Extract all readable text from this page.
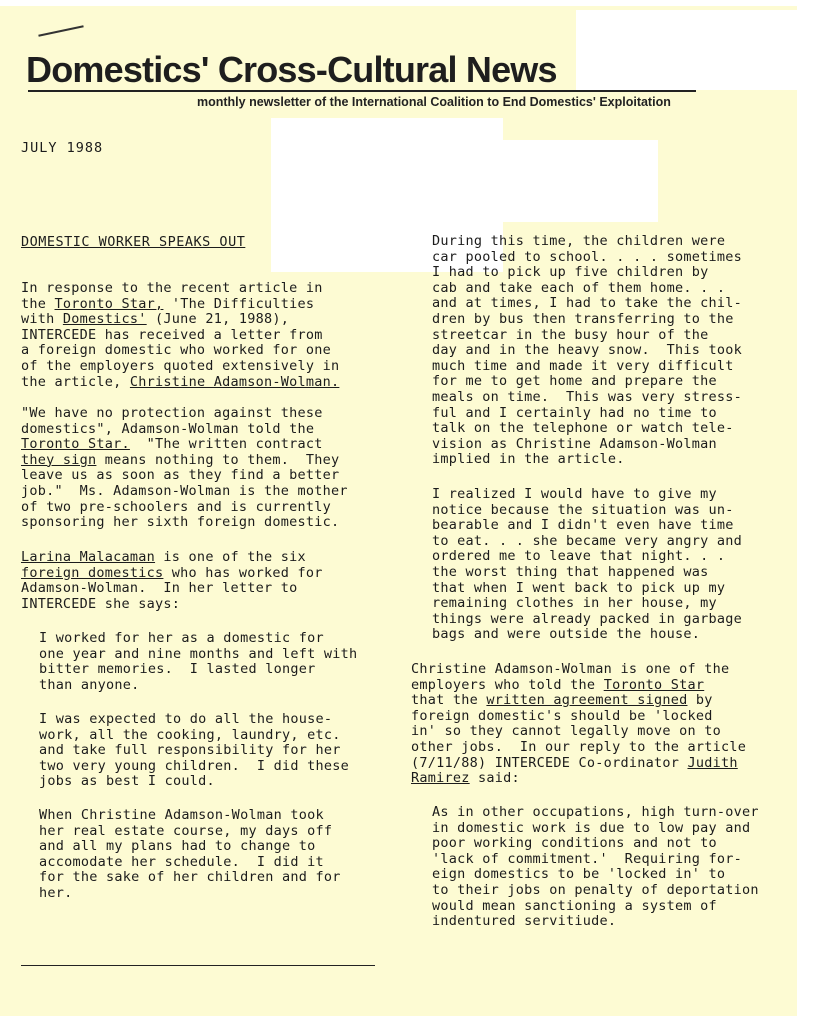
Domestics' Cross-Cultural News
monthly newsletter of the International Coalition to End Domestics' Exploitation
JULY 1988
DOMESTIC WORKER SPEAKS OUT
In response to the recent article in
the Toronto Star, 'The Difficulties
with Domestics' (June 21, 1988),
INTERCEDE has received a letter from
a foreign domestic who worked for one
of the employers quoted extensively in
the article, Christine Adamson-Wolman.
"We have no protection against these
domestics", Adamson-Wolman told the
Toronto Star.  "The written contract
they sign means nothing to them.  They
leave us as soon as they find a better
job."  Ms. Adamson-Wolman is the mother
of two pre-schoolers and is currently
sponsoring her sixth foreign domestic.
Larina Malacaman is one of the six
foreign domestics who has worked for
Adamson-Wolman.  In her letter to
INTERCEDE she says:
I worked for her as a domestic for
one year and nine months and left with
bitter memories.  I lasted longer
than anyone.
I was expected to do all the house-
work, all the cooking, laundry, etc.
and take full responsibility for her
two very young children.  I did these
jobs as best I could.
When Christine Adamson-Wolman took
her real estate course, my days off
and all my plans had to change to
accomodate her schedule.  I did it
for the sake of her children and for
her.
During this time, the children were
car pooled to school. . . . sometimes
I had to pick up five children by
cab and take each of them home. . .
and at times, I had to take the chil-
dren by bus then transferring to the
streetcar in the busy hour of the
day and in the heavy snow.  This took
much time and made it very difficult
for me to get home and prepare the
meals on time.  This was very stress-
ful and I certainly had no time to
talk on the telephone or watch tele-
vision as Christine Adamson-Wolman
implied in the article.
I realized I would have to give my
notice because the situation was un-
bearable and I didn't even have time
to eat. . . she became very angry and
ordered me to leave that night. . .
the worst thing that happened was
that when I went back to pick up my
remaining clothes in her house, my
things were already packed in garbage
bags and were outside the house.
Christine Adamson-Wolman is one of the
employers who told the Toronto Star
that the written agreement signed by
foreign domestic's should be 'locked
in' so they cannot legally move on to
other jobs.  In our reply to the article
(7/11/88) INTERCEDE Co-ordinator Judith
Ramirez said:
As in other occupations, high turn-over
in domestic work is due to low pay and
poor working conditions and not to
'lack of commitment.'  Requiring for-
eign domestics to be 'locked in' to
to their jobs on penalty of deportation
would mean sanctioning a system of
indentured servitiude.
